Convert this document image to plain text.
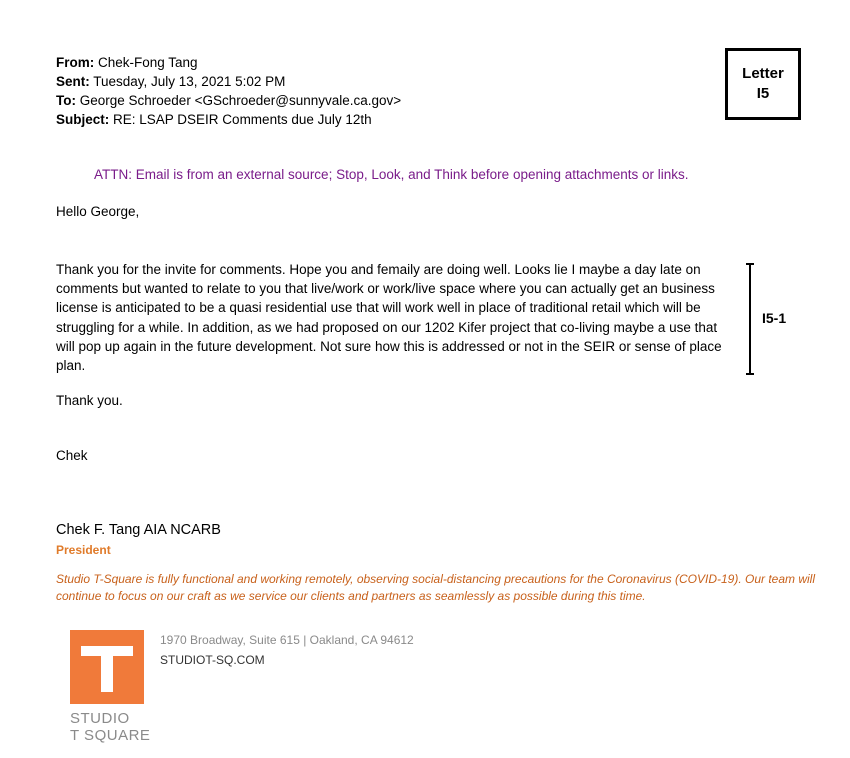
From: Chek-Fong Tang
Sent: Tuesday, July 13, 2021 5:02 PM
To: George Schroeder <GSchroeder@sunnyvale.ca.gov>
Subject: RE: LSAP DSEIR Comments due July 12th
Letter
I5
ATTN: Email is from an external source; Stop, Look, and Think before opening attachments or links.
Hello George,
Thank you for the invite for comments. Hope you and femaily are doing well. Looks lie I maybe a day late on comments but wanted to relate to you that live/work or work/live space where you can actually get an business license is anticipated to be a quasi residential use that will work well in place of traditional retail which will be struggling for a while. In addition, as we had proposed on our 1202 Kifer project that co-living maybe a use that will pop up again in the future development. Not sure how this is addressed or not in the SEIR or sense of place plan.
I5-1
Thank you.
Chek
Chek F. Tang AIA NCARB
President
Studio T-Square is fully functional and working remotely, observing social-distancing precautions for the Coronavirus (COVID-19). Our team will continue to focus on our craft as we service our clients and partners as seamlessly as possible during this time.
STUDIO
T SQUARE
1970 Broadway, Suite 615 | Oakland, CA 94612
STUDIOT-SQ.COM
